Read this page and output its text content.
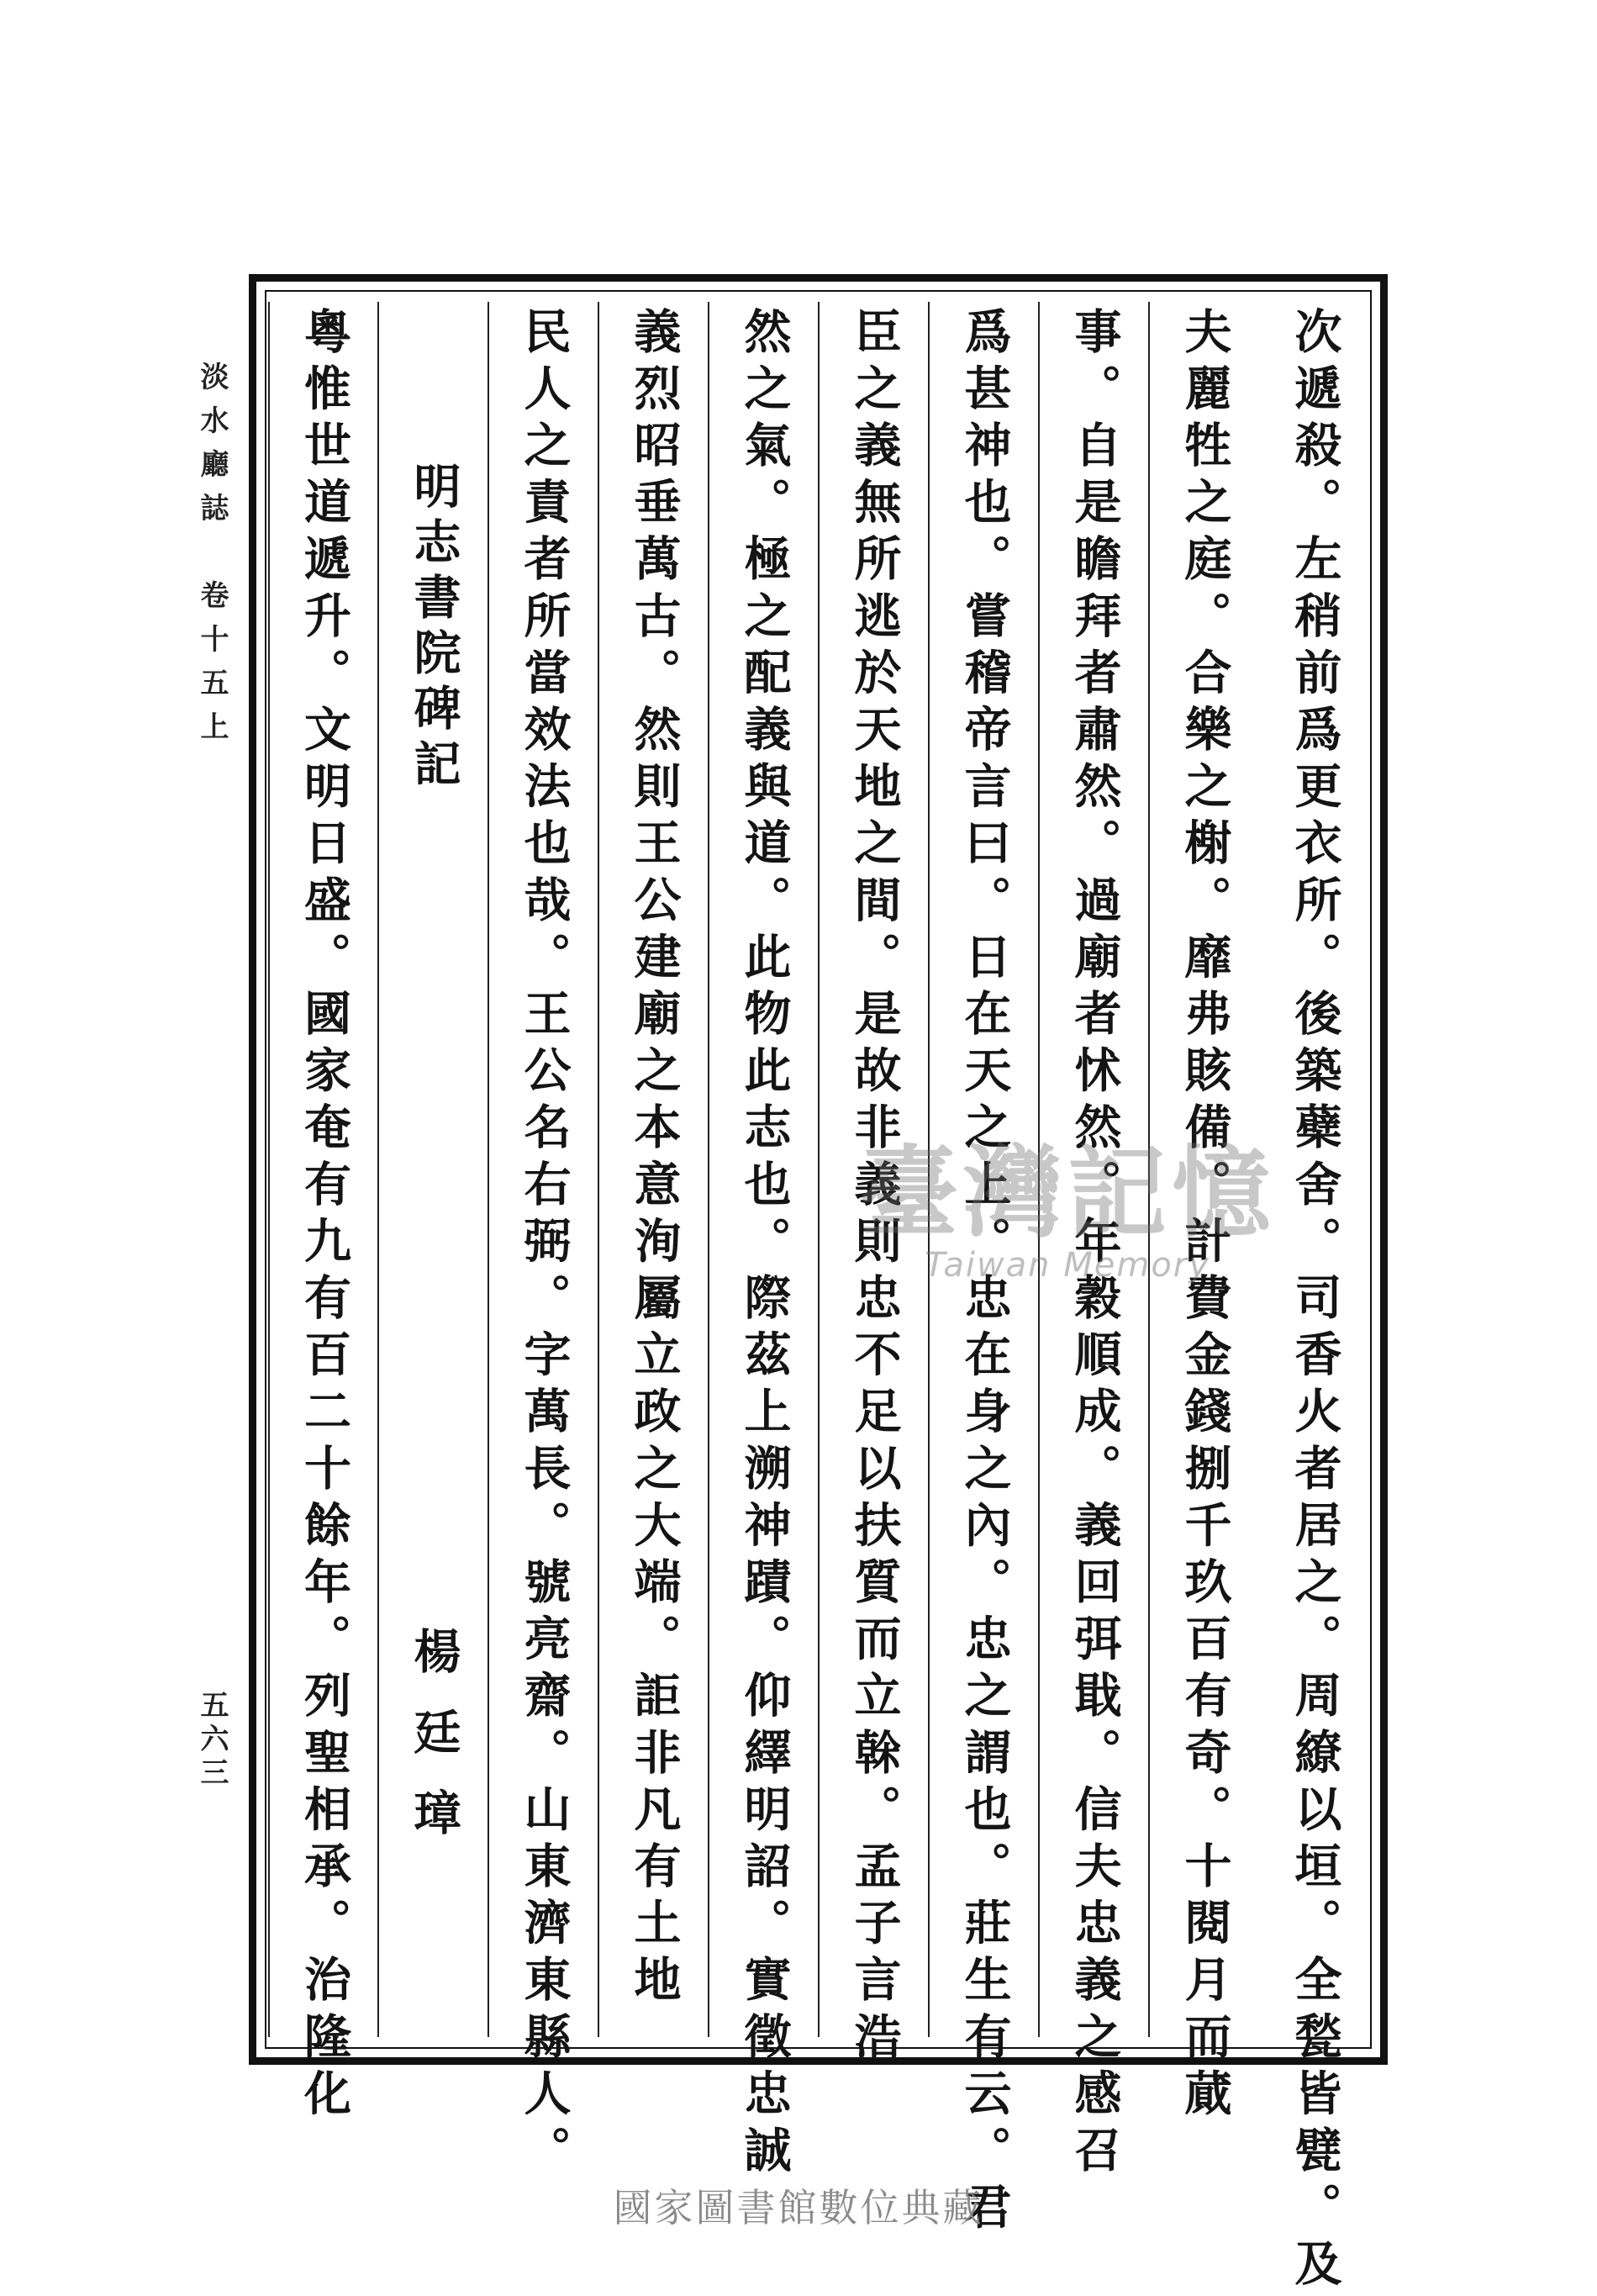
淡水廳誌　卷十五上
五六三	次遞殺。左稍前爲更衣所。後築蘗舍。司香火者居之。周繚以垣。全甃皆甓。及
夫麗牲之庭。合樂之榭。靡弗賅備。計費金錢捌千玖百有奇。十閱月而蕆
事。自是瞻拜者肅然。過廟者怵然。年穀順成。義回弭戢。信夫忠義之感召
爲甚神也。嘗稽帝言曰。日在天之上。忠在身之內。忠之謂也。莊生有云。君
臣之義無所逃於天地之間。是故非義則忠不足以扶質而立榦。孟子言浩
然之氣。極之配義與道。此物此志也。際茲上溯神蹟。仰繹明詔。實徵忠誠
義烈昭垂萬古。然則王公建廟之本意洵屬立政之大端。詎非凡有土地
民人之責者所當效法也哉。王公名右弼。字萬長。號亮齋。山東濟東縣人。
明志書院碑記
楊廷璋
粵惟世道遞升。文明日盛。國家奄有九有百二十餘年。列聖相承。治隆化	臺灣記憶
Taiwan Memory
國家圖書館數位典藏
